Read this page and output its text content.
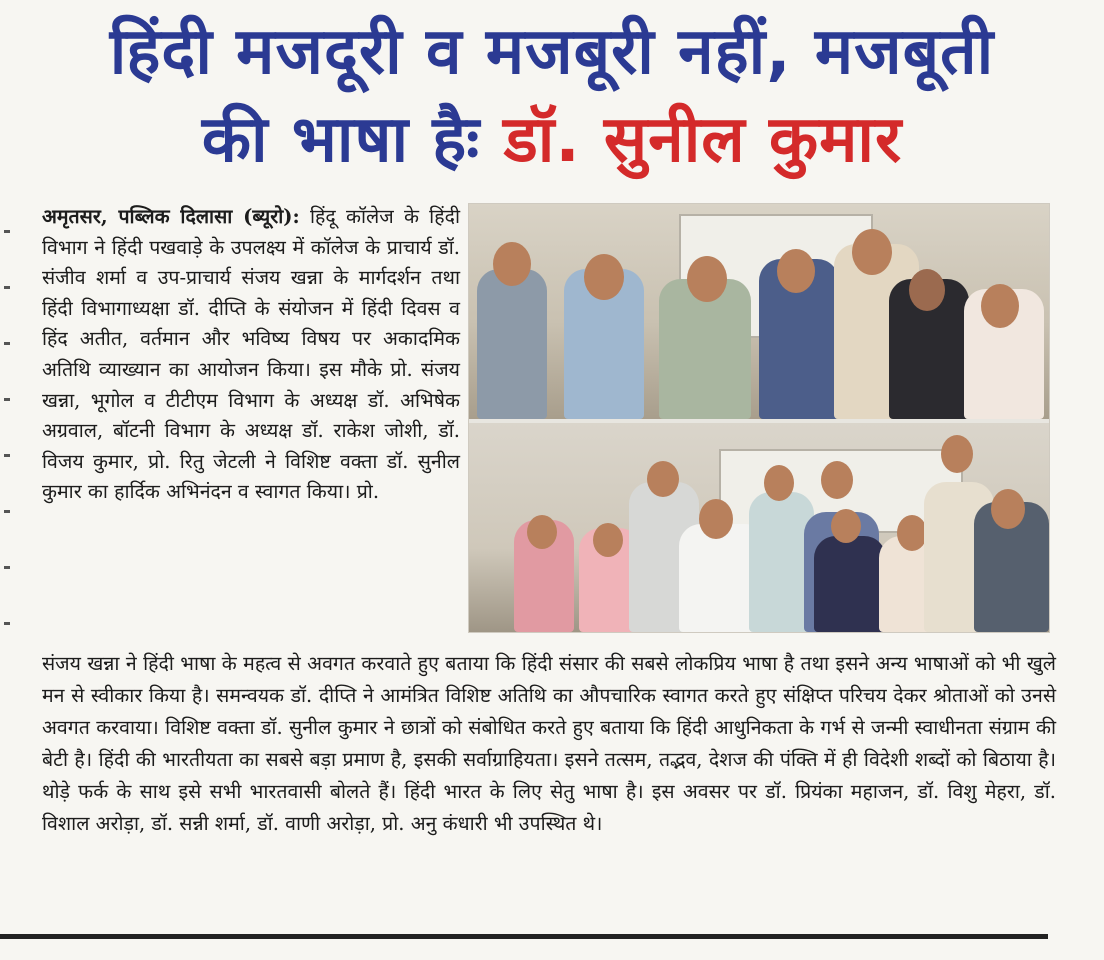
हिंदी मजदूरी व मजबूरी नहीं, मजबूती
की भाषा हैः डॉ. सुनील कुमार
अमृतसर, पब्लिक दिलासा (ब्यूरो): हिंदू कॉलेज के हिंदी विभाग ने हिंदी पखवाड़े के उपलक्ष्य में कॉलेज के प्राचार्य डॉ. संजीव शर्मा व उप-प्राचार्य संजय खन्ना के मार्गदर्शन तथा हिंदी विभागाध्यक्षा डॉ. दीप्ति के संयोजन में हिंदी दिवस व हिंद अतीत, वर्तमान और भविष्य विषय पर अकादमिक अतिथि व्याख्यान का आयोजन किया। इस मौके प्रो. संजय खन्ना, भूगोल व टीटीएम विभाग के अध्यक्ष डॉ. अभिषेक अग्रवाल, बॉटनी विभाग के अध्यक्ष डॉ. राकेश जोशी, डॉ. विजय कुमार, प्रो. रितु जेटली ने विशिष्ट वक्ता डॉ. सुनील कुमार का हार्दिक अभिनंदन व स्वागत किया। प्रो.
संजय खन्ना ने हिंदी भाषा के महत्व से अवगत करवाते हुए बताया कि हिंदी संसार की सबसे लोकप्रिय भाषा है तथा इसने अन्य भाषाओं को भी खुले मन से स्वीकार किया है। समन्वयक डॉ. दीप्ति ने आमंत्रित विशिष्ट अतिथि का औपचारिक स्वागत करते हुए संक्षिप्त परिचय देकर श्रोताओं को उनसे अवगत करवाया। विशिष्ट वक्ता डॉ. सुनील कुमार ने छात्रों को संबोधित करते हुए बताया कि हिंदी आधुनिकता के गर्भ से जन्मी स्वाधीनता संग्राम की बेटी है। हिंदी की भारतीयता का सबसे बड़ा प्रमाण है, इसकी सर्वाग्राहियता। इसने तत्सम, तद्भव, देशज की पंक्ति में ही विदेशी शब्दों को बिठाया है। थोड़े फर्क के साथ इसे सभी भारतवासी बोलते हैं। हिंदी भारत के लिए सेतु भाषा है। इस अवसर पर डॉ. प्रियंका महाजन, डॉ. विशु मेहरा, डॉ. विशाल अरोड़ा, डॉ. सन्नी शर्मा, डॉ. वाणी अरोड़ा, प्रो. अनु कंधारी भी उपस्थित थे।
